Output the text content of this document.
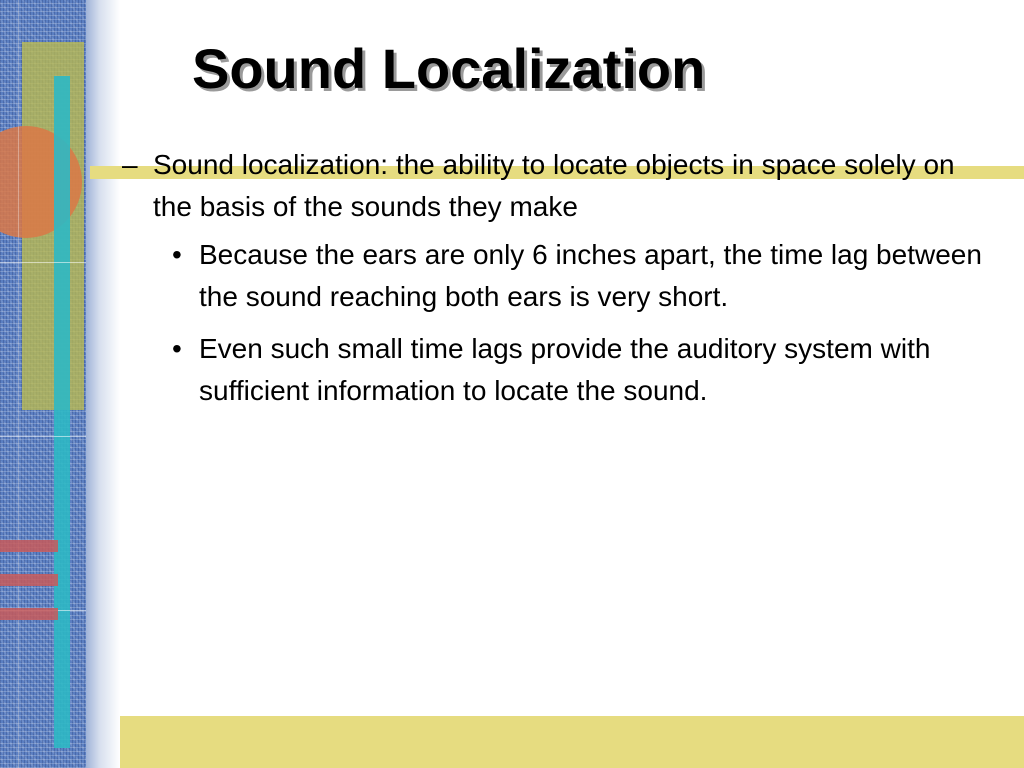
Sound Localization
– Sound localization: the ability to locate objects in space solely on the basis of the sounds they make
• Because the ears are only 6 inches apart, the time lag between the sound reaching both ears is very short.
• Even such small time lags provide the auditory system with sufficient information to locate the sound.
